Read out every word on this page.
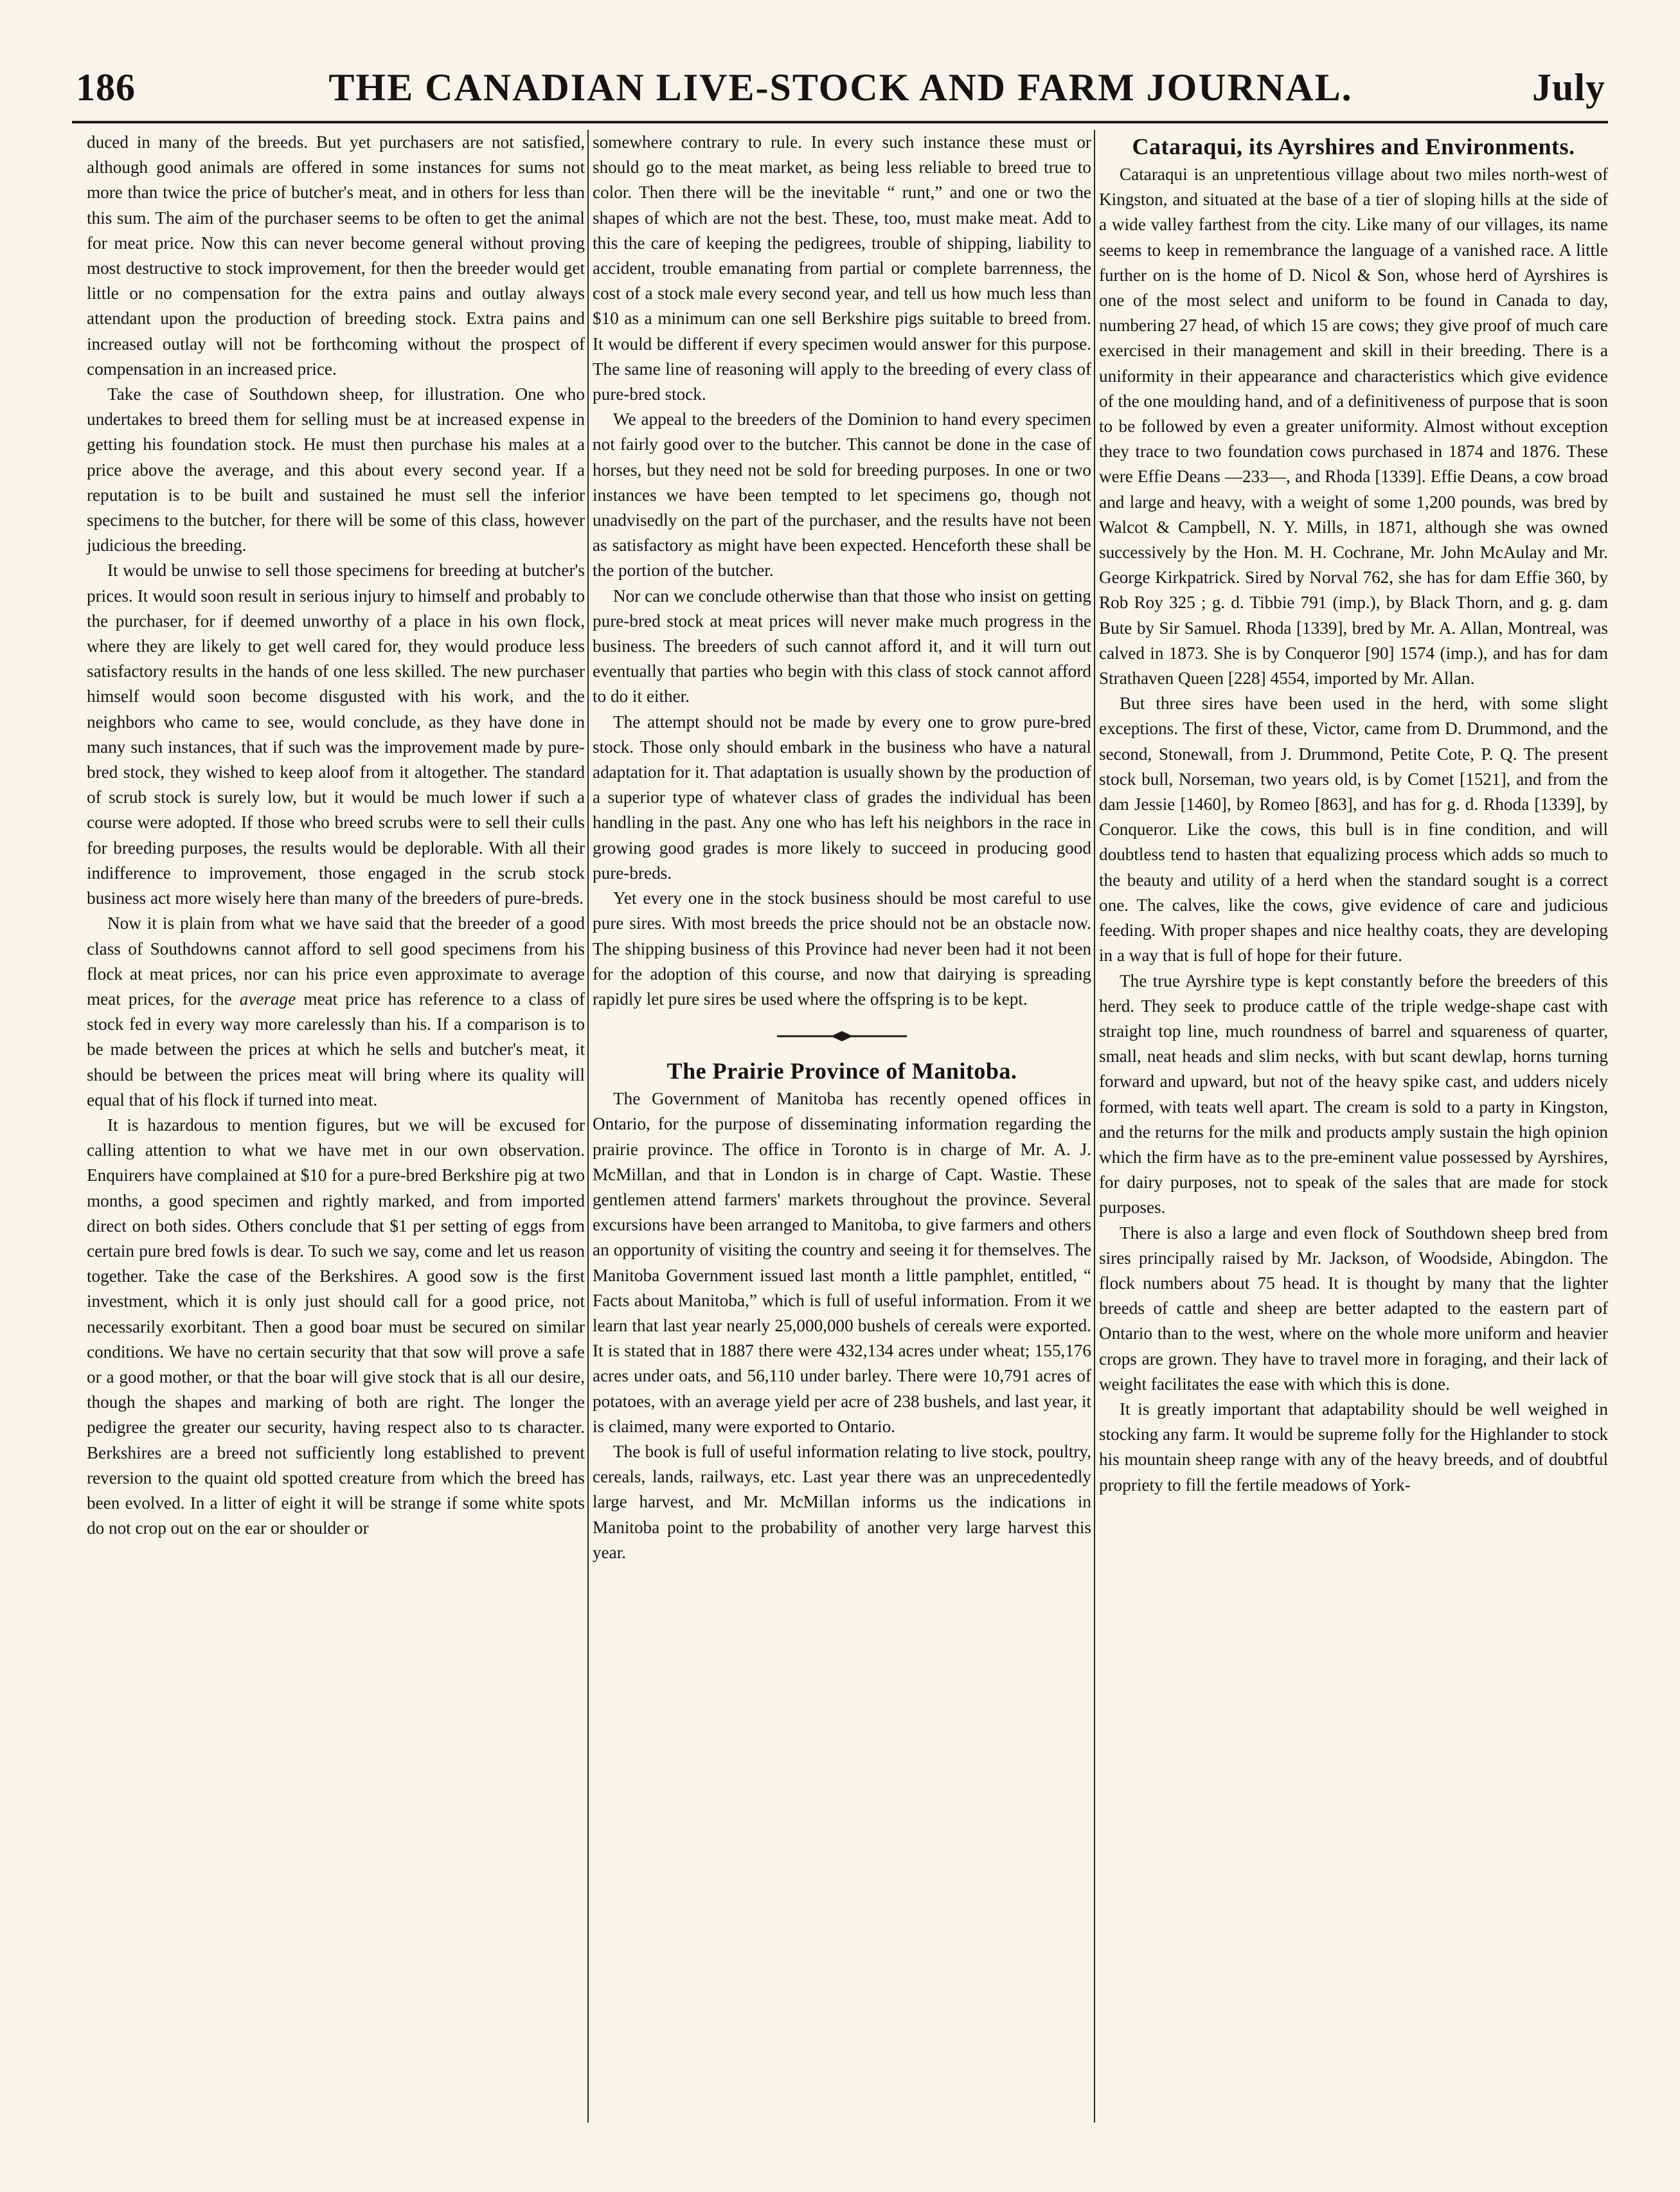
186	THE CANADIAN LIVE-STOCK AND FARM JOURNAL.	July

duced in many of the breeds. But yet purchasers are not satisfied, although good animals are offered in some instances for sums not more than twice the price of butcher's meat, and in others for less than this sum. The aim of the purchaser seems to be often to get the animal for meat price. Now this can never become general without proving most destructive to stock improvement, for then the breeder would get little or no compensation for the extra pains and outlay always attendant upon the production of breeding stock. Extra pains and increased outlay will not be forthcoming without the prospect of compensation in an increased price.

Take the case of Southdown sheep, for illustration. One who undertakes to breed them for selling must be at increased expense in getting his foundation stock. He must then purchase his males at a price above the average, and this about every second year. If a reputation is to be built and sustained he must sell the inferior specimens to the butcher, for there will be some of this class, however judicious the breeding.

It would be unwise to sell those specimens for breeding at butcher's prices. It would soon result in serious injury to himself and probably to the purchaser, for if deemed unworthy of a place in his own flock, where they are likely to get well cared for, they would produce less satisfactory results in the hands of one less skilled. The new purchaser himself would soon become disgusted with his work, and the neighbors who came to see, would conclude, as they have done in many such instances, that if such was the improvement made by pure-bred stock, they wished to keep aloof from it altogether. The standard of scrub stock is surely low, but it would be much lower if such a course were adopted. If those who breed scrubs were to sell their culls for breeding purposes, the results would be deplorable. With all their indifference to improvement, those engaged in the scrub stock business act more wisely here than many of the breeders of pure-breds.

Now it is plain from what we have said that the breeder of a good class of Southdowns cannot afford to sell good specimens from his flock at meat prices, nor can his price even approximate to average meat prices, for the average meat price has reference to a class of stock fed in every way more carelessly than his. If a comparison is to be made between the prices at which he sells and butcher's meat, it should be between the prices meat will bring where its quality will equal that of his flock if turned into meat.

It is hazardous to mention figures, but we will be excused for calling attention to what we have met in our own observation. Enquirers have complained at $10 for a pure-bred Berkshire pig at two months, a good specimen and rightly marked, and from imported direct on both sides. Others conclude that $1 per setting of eggs from certain pure bred fowls is dear. To such we say, come and let us reason together. Take the case of the Berkshires. A good sow is the first investment, which it is only just should call for a good price, not necessarily exorbitant. Then a good boar must be secured on similar conditions. We have no certain security that that sow will prove a safe or a good mother, or that the boar will give stock that is all our desire, though the shapes and marking of both are right. The longer the pedigree the greater our security, having respect also to ts character. Berkshires are a breed not sufficiently long established to prevent reversion to the quaint old spotted creature from which the breed has been evolved. In a litter of eight it will be strange if some white spots do not crop out on the ear or shoulder or

somewhere contrary to rule. In every such instance these must or should go to the meat market, as being less reliable to breed true to color. Then there will be the inevitable “ runt,” and one or two the shapes of which are not the best. These, too, must make meat. Add to this the care of keeping the pedigrees, trouble of shipping, liability to accident, trouble emanating from partial or complete barrenness, the cost of a stock male every second year, and tell us how much less than $10 as a minimum can one sell Berkshire pigs suitable to breed from. It would be different if every specimen would answer for this purpose. The same line of reasoning will apply to the breeding of every class of pure-bred stock.

We appeal to the breeders of the Dominion to hand every specimen not fairly good over to the butcher. This cannot be done in the case of horses, but they need not be sold for breeding purposes. In one or two instances we have been tempted to let specimens go, though not unadvisedly on the part of the purchaser, and the results have not been as satisfactory as might have been expected. Henceforth these shall be the portion of the butcher.

Nor can we conclude otherwise than that those who insist on getting pure-bred stock at meat prices will never make much progress in the business. The breeders of such cannot afford it, and it will turn out eventually that parties who begin with this class of stock cannot afford to do it either.

The attempt should not be made by every one to grow pure-bred stock. Those only should embark in the business who have a natural adaptation for it. That adaptation is usually shown by the production of a superior type of whatever class of grades the individual has been handling in the past. Any one who has left his neighbors in the race in growing good grades is more likely to succeed in producing good pure-breds.

Yet every one in the stock business should be most careful to use pure sires. With most breeds the price should not be an obstacle now. The shipping business of this Province had never been had it not been for the adoption of this course, and now that dairying is spreading rapidly let pure sires be used where the offspring is to be kept.

The Prairie Province of Manitoba.

The Government of Manitoba has recently opened offices in Ontario, for the purpose of disseminating information regarding the prairie province. The office in Toronto is in charge of Mr. A. J. McMillan, and that in London is in charge of Capt. Wastie. These gentlemen attend farmers' markets throughout the province. Several excursions have been arranged to Manitoba, to give farmers and others an opportunity of visiting the country and seeing it for themselves. The Manitoba Government issued last month a little pamphlet, entitled, “ Facts about Manitoba,” which is full of useful information. From it we learn that last year nearly 25,000,000 bushels of cereals were exported. It is stated that in 1887 there were 432,134 acres under wheat; 155,176 acres under oats, and 56,110 under barley. There were 10,791 acres of potatoes, with an average yield per acre of 238 bushels, and last year, it is claimed, many were exported to Ontario.

The book is full of useful information relating to live stock, poultry, cereals, lands, railways, etc. Last year there was an unprecedentedly large harvest, and Mr. McMillan informs us the indications in Manitoba point to the probability of another very large harvest this year.

Cataraqui, its Ayrshires and Environments.

Cataraqui is an unpretentious village about two miles north-west of Kingston, and situated at the base of a tier of sloping hills at the side of a wide valley farthest from the city. Like many of our villages, its name seems to keep in remembrance the language of a vanished race. A little further on is the home of D. Nicol & Son, whose herd of Ayrshires is one of the most select and uniform to be found in Canada to day, numbering 27 head, of which 15 are cows; they give proof of much care exercised in their management and skill in their breeding. There is a uniformity in their appearance and characteristics which give evidence of the one moulding hand, and of a definitiveness of purpose that is soon to be followed by even a greater uniformity. Almost without exception they trace to two foundation cows purchased in 1874 and 1876. These were Effie Deans —233—, and Rhoda [1339]. Effie Deans, a cow broad and large and heavy, with a weight of some 1,200 pounds, was bred by Walcot & Campbell, N. Y. Mills, in 1871, although she was owned successively by the Hon. M. H. Cochrane, Mr. John McAulay and Mr. George Kirkpatrick. Sired by Norval 762, she has for dam Effie 360, by Rob Roy 325 ; g. d. Tibbie 791 (imp.), by Black Thorn, and g. g. dam Bute by Sir Samuel. Rhoda [1339], bred by Mr. A. Allan, Montreal, was calved in 1873. She is by Conqueror [90] 1574 (imp.), and has for dam Strathaven Queen [228] 4554, imported by Mr. Allan.

But three sires have been used in the herd, with some slight exceptions. The first of these, Victor, came from D. Drummond, and the second, Stonewall, from J. Drummond, Petite Cote, P. Q. The present stock bull, Norseman, two years old, is by Comet [1521], and from the dam Jessie [1460], by Romeo [863], and has for g. d. Rhoda [1339], by Conqueror. Like the cows, this bull is in fine condition, and will doubtless tend to hasten that equalizing process which adds so much to the beauty and utility of a herd when the standard sought is a correct one. The calves, like the cows, give evidence of care and judicious feeding. With proper shapes and nice healthy coats, they are developing in a way that is full of hope for their future.

The true Ayrshire type is kept constantly before the breeders of this herd. They seek to produce cattle of the triple wedge-shape cast with straight top line, much roundness of barrel and squareness of quarter, small, neat heads and slim necks, with but scant dewlap, horns turning forward and upward, but not of the heavy spike cast, and udders nicely formed, with teats well apart. The cream is sold to a party in Kingston, and the returns for the milk and products amply sustain the high opinion which the firm have as to the pre-eminent value possessed by Ayrshires, for dairy purposes, not to speak of the sales that are made for stock purposes.

There is also a large and even flock of Southdown sheep bred from sires principally raised by Mr. Jackson, of Woodside, Abingdon. The flock numbers about 75 head. It is thought by many that the lighter breeds of cattle and sheep are better adapted to the eastern part of Ontario than to the west, where on the whole more uniform and heavier crops are grown. They have to travel more in foraging, and their lack of weight facilitates the ease with which this is done.

It is greatly important that adaptability should be well weighed in stocking any farm. It would be supreme folly for the Highlander to stock his mountain sheep range with any of the heavy breeds, and of doubtful propriety to fill the fertile meadows of York-
